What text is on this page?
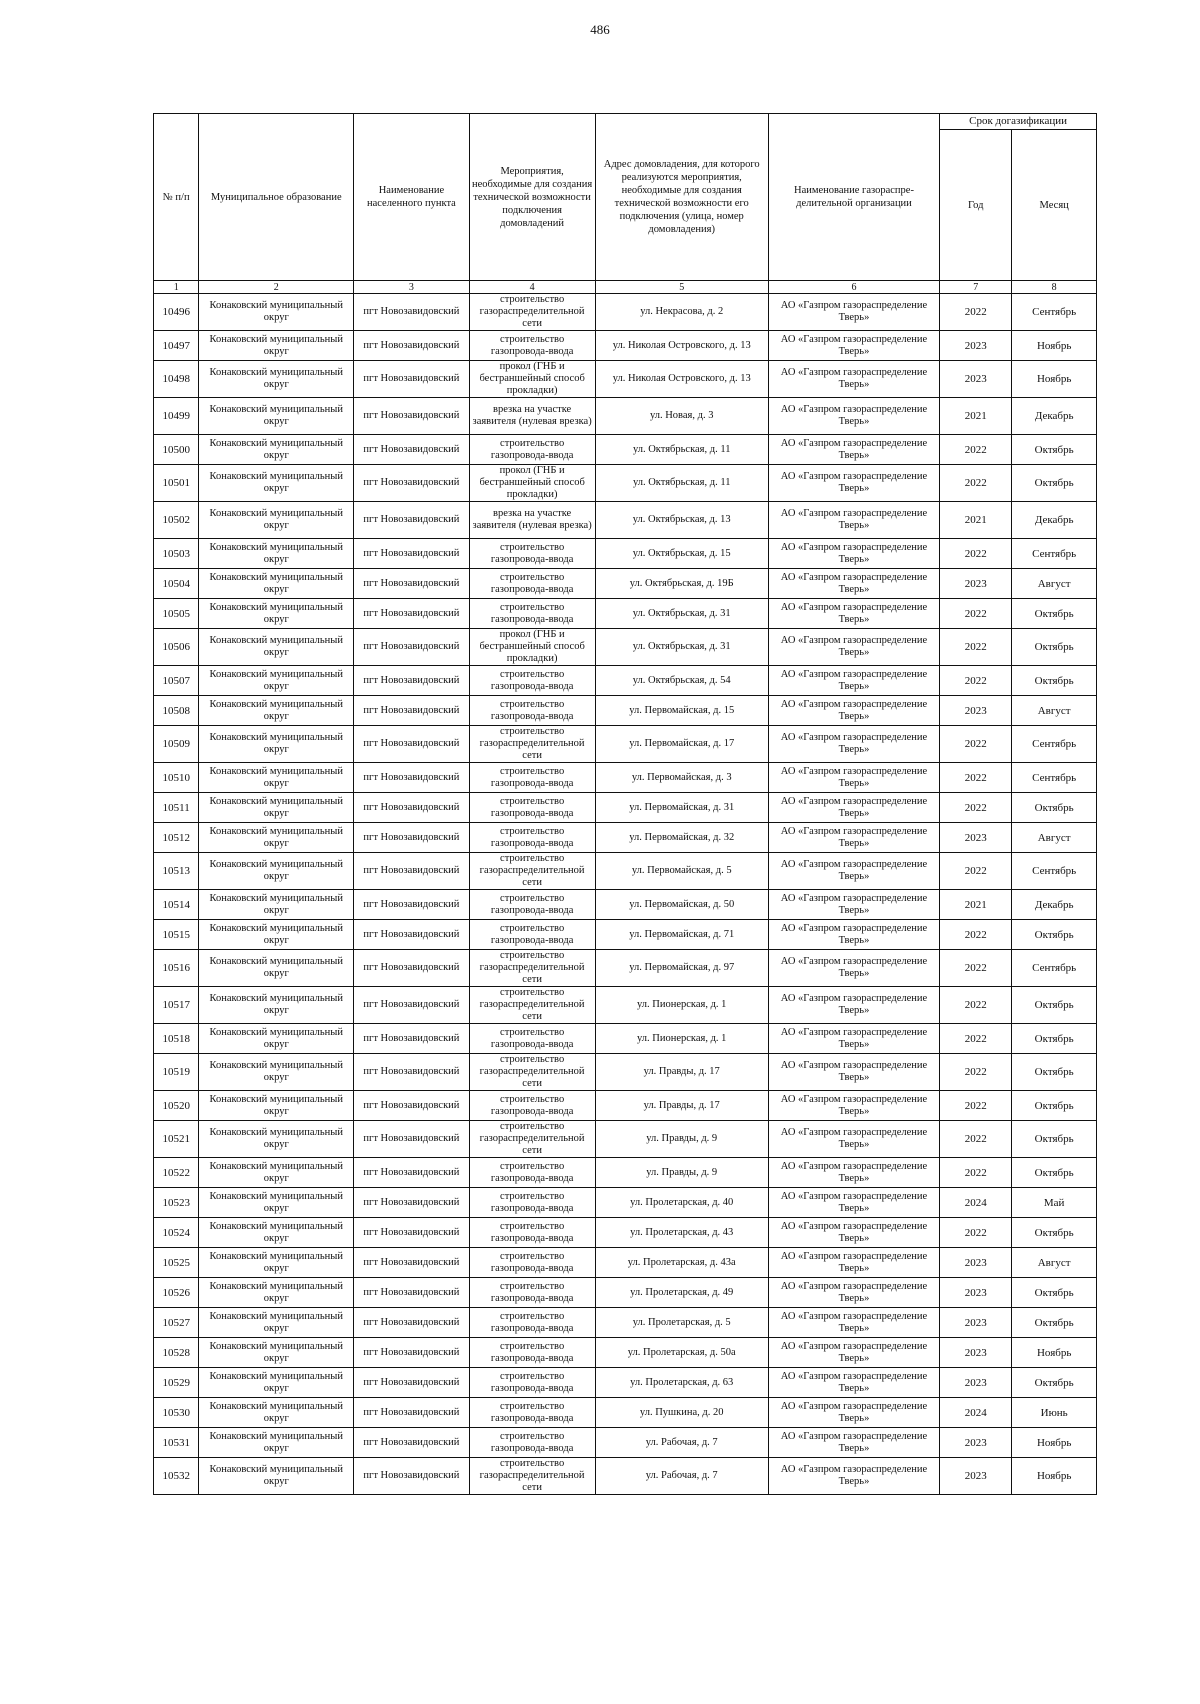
486
№ п/п	Муниципальное образование	Наименование населенного пункта	Мероприятия, необходимые для создания технической возможности подключения домовладений	Адрес домовладения, для которого реализуются мероприятия, необходимые для создания технической возможности его подключения (улица, номер домовладения)	Наименование газораспре-делительной организации	Срок догазификации	
						Год	Месяц
1	2	3	4	5	6	7	8
10496	Конаковский муниципальный округ	пгт Новозавидовский	строительство газораспределительной сети	ул. Некрасова, д. 2	АО «Газпром газораспределение Тверь»	2022	Сентябрь
10497	Конаковский муниципальный округ	пгт Новозавидовский	строительство газопровода-ввода	ул. Николая Островского, д. 13	АО «Газпром газораспределение Тверь»	2023	Ноябрь
10498	Конаковский муниципальный округ	пгт Новозавидовский	прокол (ГНБ и бестраншейный способ прокладки)	ул. Николая Островского, д. 13	АО «Газпром газораспределение Тверь»	2023	Ноябрь
10499	Конаковский муниципальный округ	пгт Новозавидовский	врезка на участке заявителя (нулевая врезка)	ул. Новая, д. 3	АО «Газпром газораспределение Тверь»	2021	Декабрь
10500	Конаковский муниципальный округ	пгт Новозавидовский	строительство газопровода-ввода	ул. Октябрьская, д. 11	АО «Газпром газораспределение Тверь»	2022	Октябрь
10501	Конаковский муниципальный округ	пгт Новозавидовский	прокол (ГНБ и бестраншейный способ прокладки)	ул. Октябрьская, д. 11	АО «Газпром газораспределение Тверь»	2022	Октябрь
10502	Конаковский муниципальный округ	пгт Новозавидовский	врезка на участке заявителя (нулевая врезка)	ул. Октябрьская, д. 13	АО «Газпром газораспределение Тверь»	2021	Декабрь
10503	Конаковский муниципальный округ	пгт Новозавидовский	строительство газопровода-ввода	ул. Октябрьская, д. 15	АО «Газпром газораспределение Тверь»	2022	Сентябрь
10504	Конаковский муниципальный округ	пгт Новозавидовский	строительство газопровода-ввода	ул. Октябрьская, д. 19Б	АО «Газпром газораспределение Тверь»	2023	Август
10505	Конаковский муниципальный округ	пгт Новозавидовский	строительство газопровода-ввода	ул. Октябрьская, д. 31	АО «Газпром газораспределение Тверь»	2022	Октябрь
10506	Конаковский муниципальный округ	пгт Новозавидовский	прокол (ГНБ и бестраншейный способ прокладки)	ул. Октябрьская, д. 31	АО «Газпром газораспределение Тверь»	2022	Октябрь
10507	Конаковский муниципальный округ	пгт Новозавидовский	строительство газопровода-ввода	ул. Октябрьская, д. 54	АО «Газпром газораспределение Тверь»	2022	Октябрь
10508	Конаковский муниципальный округ	пгт Новозавидовский	строительство газопровода-ввода	ул. Первомайская, д. 15	АО «Газпром газораспределение Тверь»	2023	Август
10509	Конаковский муниципальный округ	пгт Новозавидовский	строительство газораспределительной сети	ул. Первомайская, д. 17	АО «Газпром газораспределение Тверь»	2022	Сентябрь
10510	Конаковский муниципальный округ	пгт Новозавидовский	строительство газопровода-ввода	ул. Первомайская, д. 3	АО «Газпром газораспределение Тверь»	2022	Сентябрь
10511	Конаковский муниципальный округ	пгт Новозавидовский	строительство газопровода-ввода	ул. Первомайская, д. 31	АО «Газпром газораспределение Тверь»	2022	Октябрь
10512	Конаковский муниципальный округ	пгт Новозавидовский	строительство газопровода-ввода	ул. Первомайская, д. 32	АО «Газпром газораспределение Тверь»	2023	Август
10513	Конаковский муниципальный округ	пгт Новозавидовский	строительство газораспределительной сети	ул. Первомайская, д. 5	АО «Газпром газораспределение Тверь»	2022	Сентябрь
10514	Конаковский муниципальный округ	пгт Новозавидовский	строительство газопровода-ввода	ул. Первомайская, д. 50	АО «Газпром газораспределение Тверь»	2021	Декабрь
10515	Конаковский муниципальный округ	пгт Новозавидовский	строительство газопровода-ввода	ул. Первомайская, д. 71	АО «Газпром газораспределение Тверь»	2022	Октябрь
10516	Конаковский муниципальный округ	пгт Новозавидовский	строительство газораспределительной сети	ул. Первомайская, д. 97	АО «Газпром газораспределение Тверь»	2022	Сентябрь
10517	Конаковский муниципальный округ	пгт Новозавидовский	строительство газораспределительной сети	ул. Пионерская, д. 1	АО «Газпром газораспределение Тверь»	2022	Октябрь
10518	Конаковский муниципальный округ	пгт Новозавидовский	строительство газопровода-ввода	ул. Пионерская, д. 1	АО «Газпром газораспределение Тверь»	2022	Октябрь
10519	Конаковский муниципальный округ	пгт Новозавидовский	строительство газораспределительной сети	ул. Правды, д. 17	АО «Газпром газораспределение Тверь»	2022	Октябрь
10520	Конаковский муниципальный округ	пгт Новозавидовский	строительство газопровода-ввода	ул. Правды, д. 17	АО «Газпром газораспределение Тверь»	2022	Октябрь
10521	Конаковский муниципальный округ	пгт Новозавидовский	строительство газораспределительной сети	ул. Правды, д. 9	АО «Газпром газораспределение Тверь»	2022	Октябрь
10522	Конаковский муниципальный округ	пгт Новозавидовский	строительство газопровода-ввода	ул. Правды, д. 9	АО «Газпром газораспределение Тверь»	2022	Октябрь
10523	Конаковский муниципальный округ	пгт Новозавидовский	строительство газопровода-ввода	ул. Пролетарская, д. 40	АО «Газпром газораспределение Тверь»	2024	Май
10524	Конаковский муниципальный округ	пгт Новозавидовский	строительство газопровода-ввода	ул. Пролетарская, д. 43	АО «Газпром газораспределение Тверь»	2022	Октябрь
10525	Конаковский муниципальный округ	пгт Новозавидовский	строительство газопровода-ввода	ул. Пролетарская, д. 43а	АО «Газпром газораспределение Тверь»	2023	Август
10526	Конаковский муниципальный округ	пгт Новозавидовский	строительство газопровода-ввода	ул. Пролетарская, д. 49	АО «Газпром газораспределение Тверь»	2023	Октябрь
10527	Конаковский муниципальный округ	пгт Новозавидовский	строительство газопровода-ввода	ул. Пролетарская, д. 5	АО «Газпром газораспределение Тверь»	2023	Октябрь
10528	Конаковский муниципальный округ	пгт Новозавидовский	строительство газопровода-ввода	ул. Пролетарская, д. 50а	АО «Газпром газораспределение Тверь»	2023	Ноябрь
10529	Конаковский муниципальный округ	пгт Новозавидовский	строительство газопровода-ввода	ул. Пролетарская, д. 63	АО «Газпром газораспределение Тверь»	2023	Октябрь
10530	Конаковский муниципальный округ	пгт Новозавидовский	строительство газопровода-ввода	ул. Пушкина, д. 20	АО «Газпром газораспределение Тверь»	2024	Июнь
10531	Конаковский муниципальный округ	пгт Новозавидовский	строительство газопровода-ввода	ул. Рабочая, д. 7	АО «Газпром газораспределение Тверь»	2023	Ноябрь
10532	Конаковский муниципальный округ	пгт Новозавидовский	строительство газораспределительной сети	ул. Рабочая, д. 7	АО «Газпром газораспределение Тверь»	2023	Ноябрь
